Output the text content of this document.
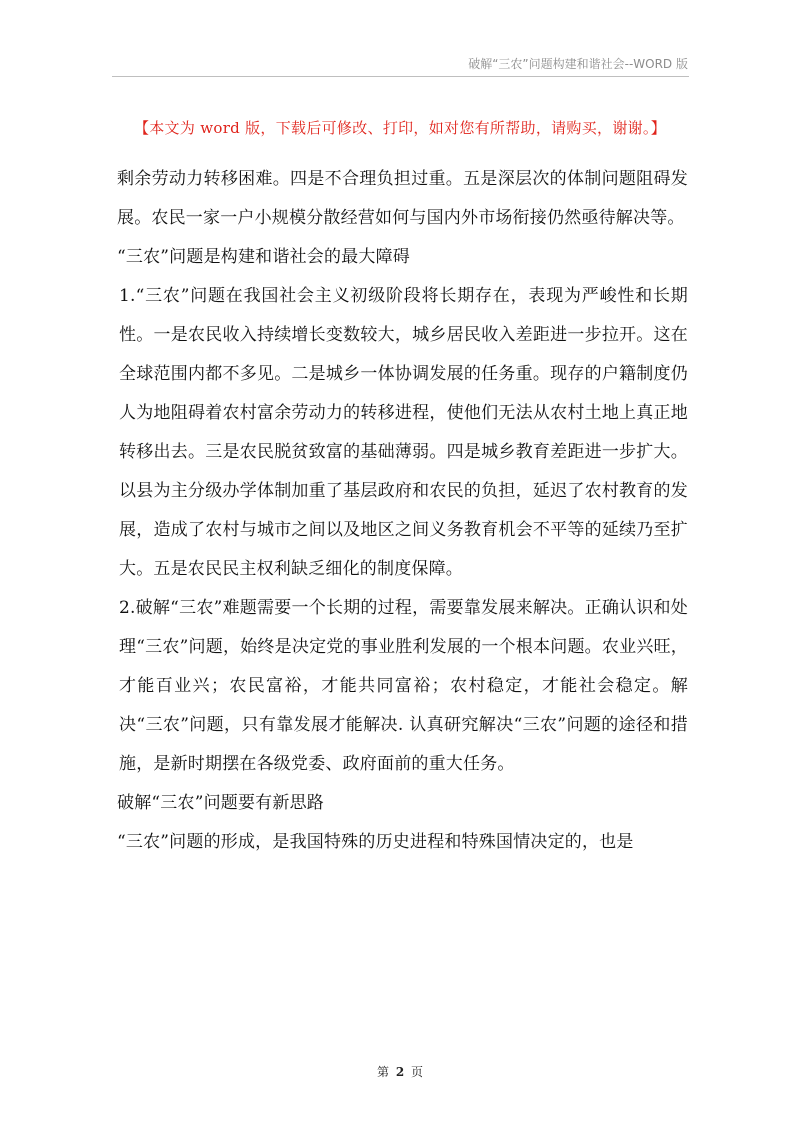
破解“三农”问题构建和谐社会--WORD 版
【本文为 word 版，下载后可修改、打印，如对您有所帮助，请购买，谢谢。】

剩余劳动力转移困难。四是不合理负担过重。五是深层次的体制问题阻碍发展。农民一家一户小规模分散经营如何与国内外市场衔接仍然亟待解决等。

“三农”问题是构建和谐社会的最大障碍

1.“三农”问题在我国社会主义初级阶段将长期存在，表现为严峻性和长期性。一是农民收入持续增长变数较大，城乡居民收入差距进一步拉开。这在全球范围内都不多见。二是城乡一体协调发展的任务重。现存的户籍制度仍人为地阻碍着农村富余劳动力的转移进程，使他们无法从农村土地上真正地转移出去。三是农民脱贫致富的基础薄弱。四是城乡教育差距进一步扩大。以县为主分级办学体制加重了基层政府和农民的负担，延迟了农村教育的发展，造成了农村与城市之间以及地区之间义务教育机会不平等的延续乃至扩大。五是农民民主权利缺乏细化的制度保障。

2.破解“三农”难题需要一个长期的过程，需要靠发展来解决。正确认识和处理“三农”问题，始终是决定党的事业胜利发展的一个根本问题。农业兴旺，才能百业兴；农民富裕，才能共同富裕；农村稳定，才能社会稳定。解决“三农”问题，只有靠发展才能解决. 认真研究解决“三农”问题的途径和措施，是新时期摆在各级党委、政府面前的重大任务。

破解“三农”问题要有新思路

“三农”问题的形成，是我国特殊的历史进程和特殊国情决定的，也是

第 2 页
